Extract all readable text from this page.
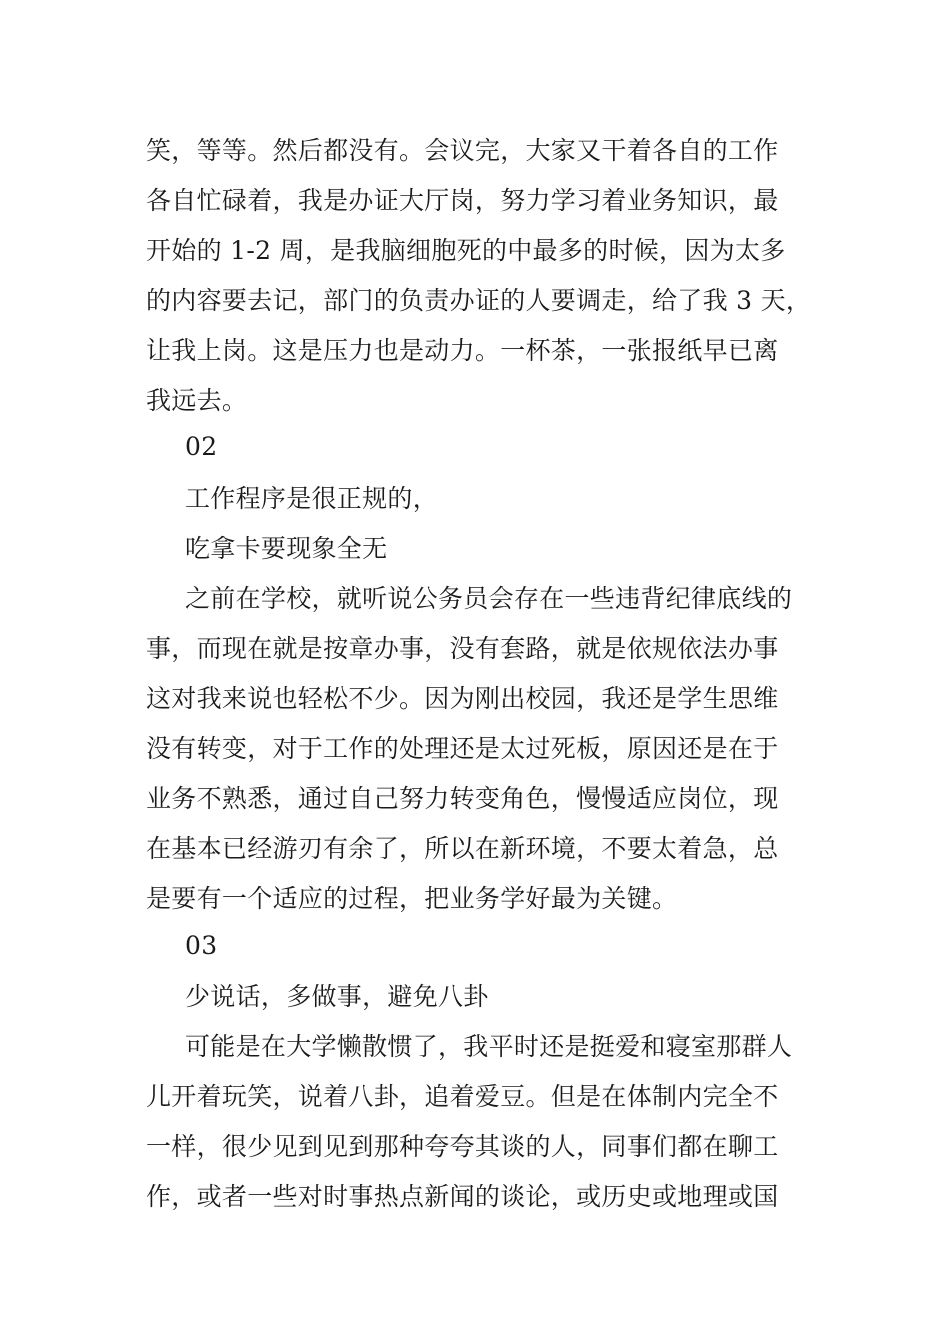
笑，等等。然后都没有。会议完，大家又干着各自的工作
各自忙碌着，我是办证大厅岗，努力学习着业务知识，最
开始的 1-2 周，是我脑细胞死的中最多的时候，因为太多
的内容要去记，部门的负责办证的人要调走，给了我 3 天，
让我上岗。这是压力也是动力。一杯茶，一张报纸早已离
我远去。
02
工作程序是很正规的，
吃拿卡要现象全无
之前在学校，就听说公务员会存在一些违背纪律底线的
事，而现在就是按章办事，没有套路，就是依规依法办事
这对我来说也轻松不少。因为刚出校园，我还是学生思维
没有转变，对于工作的处理还是太过死板，原因还是在于
业务不熟悉，通过自己努力转变角色，慢慢适应岗位，现
在基本已经游刃有余了，所以在新环境，不要太着急，总
是要有一个适应的过程，把业务学好最为关键。
03
少说话，多做事，避免八卦
可能是在大学懒散惯了，我平时还是挺爱和寝室那群人
儿开着玩笑，说着八卦，追着爱豆。但是在体制内完全不
一样，很少见到见到那种夸夸其谈的人，同事们都在聊工
作，或者一些对时事热点新闻的谈论，或历史或地理或国
